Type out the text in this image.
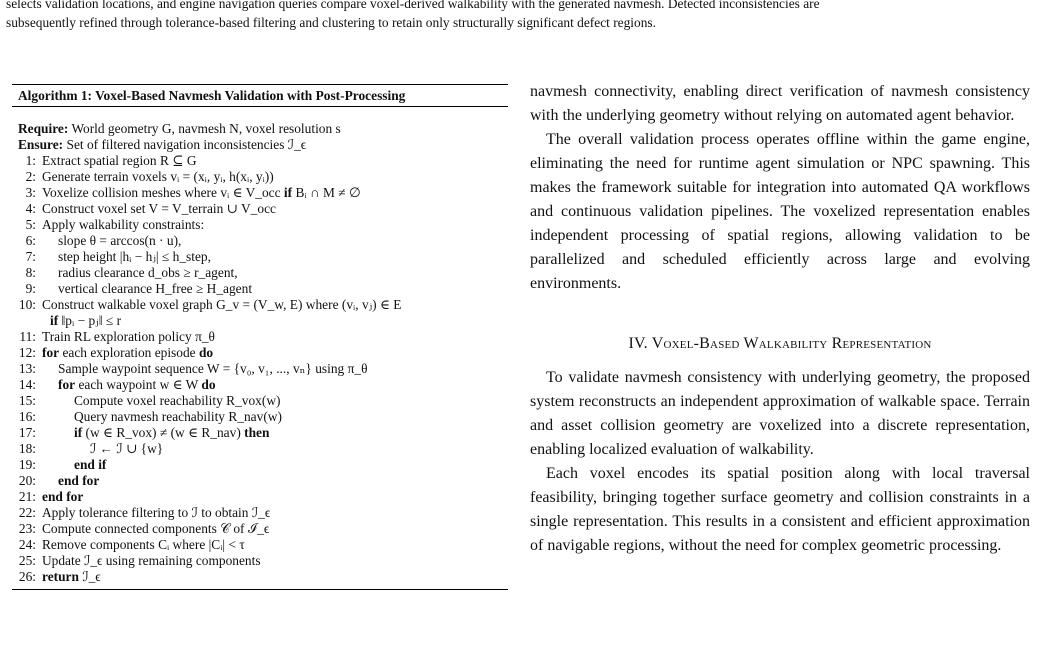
selects validation locations, and engine navigation queries compare voxel-derived walkability with the generated navmesh. Detected inconsistencies are
subsequently refined through tolerance-based filtering and clustering to retain only structurally significant defect regions.
Algorithm 1: Voxel-Based Navmesh Validation with Post-Processing
Require: World geometry G, navmesh N, voxel resolution s
Ensure: Set of filtered navigation inconsistencies ℐ_ϵ
1: Extract spatial region R ⊆ G
2: Generate terrain voxels vᵢ = (xᵢ, yᵢ, h(xᵢ, yᵢ))
3: Voxelize collision meshes where vᵢ ∈ V_occ if Bᵢ ∩ M ≠ ∅
4: Construct voxel set V = V_terrain ∪ V_occ
5: Apply walkability constraints:
6:	slope θ = arccos(n · u),
7:	step height |hᵢ − hⱼ| ≤ h_step,
8:	radius clearance d_obs ≥ r_agent,
9:	vertical clearance H_free ≥ H_agent
10: Construct walkable voxel graph G_v = (V_w, E) where (vᵢ, vⱼ) ∈ E
if ‖pᵢ − pⱼ‖ ≤ r
11: Train RL exploration policy π_θ
12: for each exploration episode do
13:	Sample waypoint sequence W = {v₀, v₁, ..., vₙ} using π_θ
14:	for each waypoint w ∈ W do
15:	Compute voxel reachability R_vox(w)
16:	Query navmesh reachability R_nav(w)
17:	if (w ∈ R_vox) ≠ (w ∈ R_nav) then
18:	ℐ ← ℐ ∪ {w}
19:	end if
20:	end for
21: end for
22: Apply tolerance filtering to ℐ to obtain ℐ_ϵ
23: Compute connected components 𝒞 of ℐ_ϵ
24: Remove components Cᵢ where |Cᵢ| < τ
25: Update ℐ_ϵ using remaining components
26: return ℐ_ϵ

navmesh connectivity, enabling direct verification of navmesh consistency with the underlying geometry without relying on automated agent behavior.

The overall validation process operates offline within the game engine, eliminating the need for runtime agent simulation or NPC spawning. This makes the framework suitable for integration into automated QA workflows and continuous validation pipelines. The voxelized representation enables independent processing of spatial regions, allowing validation to be parallelized and scheduled efficiently across large and evolving environments.

IV. Voxel-Based Walkability Representation

To validate navmesh consistency with underlying geometry, the proposed system reconstructs an independent approximation of walkable space. Terrain and asset collision geometry are voxelized into a discrete representation, enabling localized evaluation of walkability.

Each voxel encodes its spatial position along with local traversal feasibility, bringing together surface geometry and collision constraints in a single representation. This results in a consistent and efficient approximation of navigable regions, without the need for complex geometric processing.
